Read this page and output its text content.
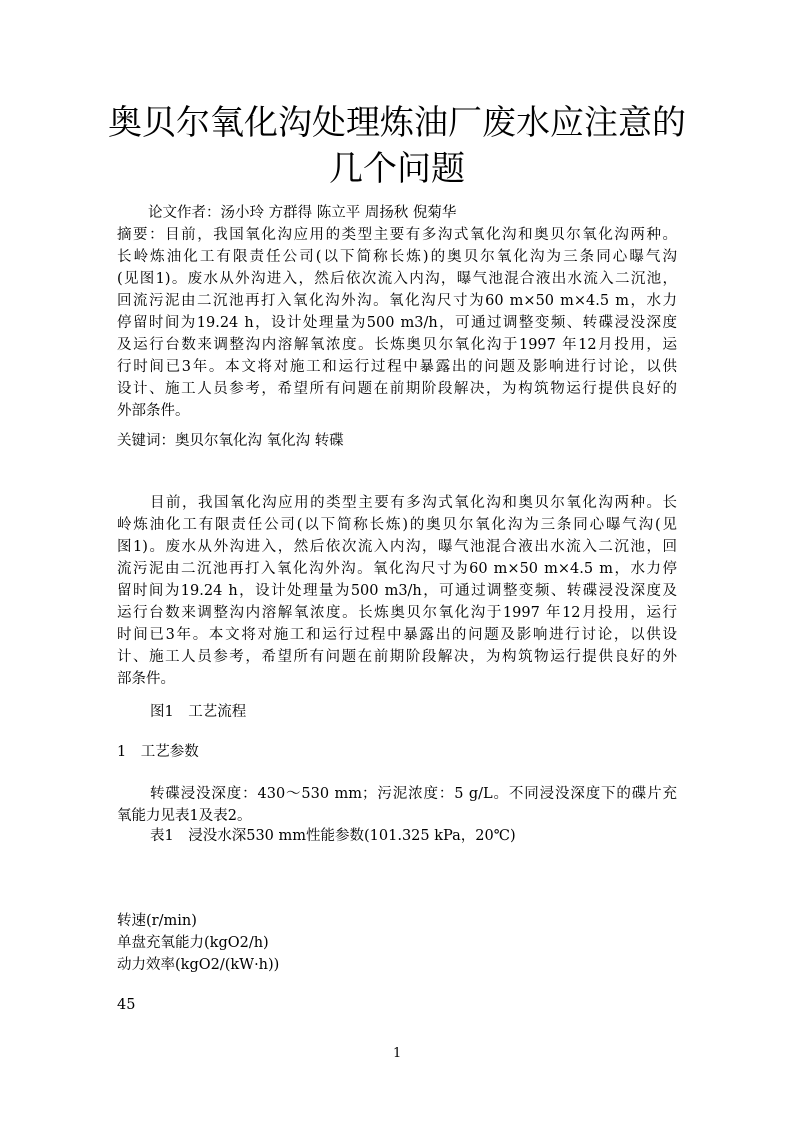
奥贝尔氧化沟处理炼油厂废水应注意的
几个问题
论文作者：汤小玲 方群得 陈立平 周扬秋 倪菊华
摘要：目前，我国氧化沟应用的类型主要有多沟式氧化沟和奥贝尔氧化沟两种。
长岭炼油化工有限责任公司(以下简称长炼)的奥贝尔氧化沟为三条同心曝气沟
(见图1)。废水从外沟进入，然后依次流入内沟，曝气池混合液出水流入二沉池，
回流污泥由二沉池再打入氧化沟外沟。氧化沟尺寸为60 m×50 m×4.5 m，水力
停留时间为19.24 h，设计处理量为500 m3/h，可通过调整变频、转碟浸没深度
及运行台数来调整沟内溶解氧浓度。长炼奥贝尔氧化沟于1997 年12月投用，运
行时间已3年。本文将对施工和运行过程中暴露出的问题及影响进行讨论，以供
设计、施工人员参考，希望所有问题在前期阶段解决，为构筑物运行提供良好的
外部条件。
关键词：奥贝尔氧化沟 氧化沟 转碟
目前，我国氧化沟应用的类型主要有多沟式氧化沟和奥贝尔氧化沟两种。长
岭炼油化工有限责任公司(以下简称长炼)的奥贝尔氧化沟为三条同心曝气沟(见
图1)。废水从外沟进入，然后依次流入内沟，曝气池混合液出水流入二沉池，回
流污泥由二沉池再打入氧化沟外沟。氧化沟尺寸为60 m×50 m×4.5 m，水力停
留时间为19.24 h，设计处理量为500 m3/h，可通过调整变频、转碟浸没深度及
运行台数来调整沟内溶解氧浓度。长炼奥贝尔氧化沟于1997 年12月投用，运行
时间已3年。本文将对施工和运行过程中暴露出的问题及影响进行讨论，以供设
计、施工人员参考，希望所有问题在前期阶段解决，为构筑物运行提供良好的外
部条件。
图1　工艺流程
1　工艺参数
转碟浸没深度：430～530 mm；污泥浓度：5 g/L。不同浸没深度下的碟片充
氧能力见表1及表2。
表1　浸没水深530 mm性能参数(101.325 kPa，20℃)
转速(r/min)
单盘充氧能力(kgO2/h)
动力效率(kgO2/(kW·h))
45
1
